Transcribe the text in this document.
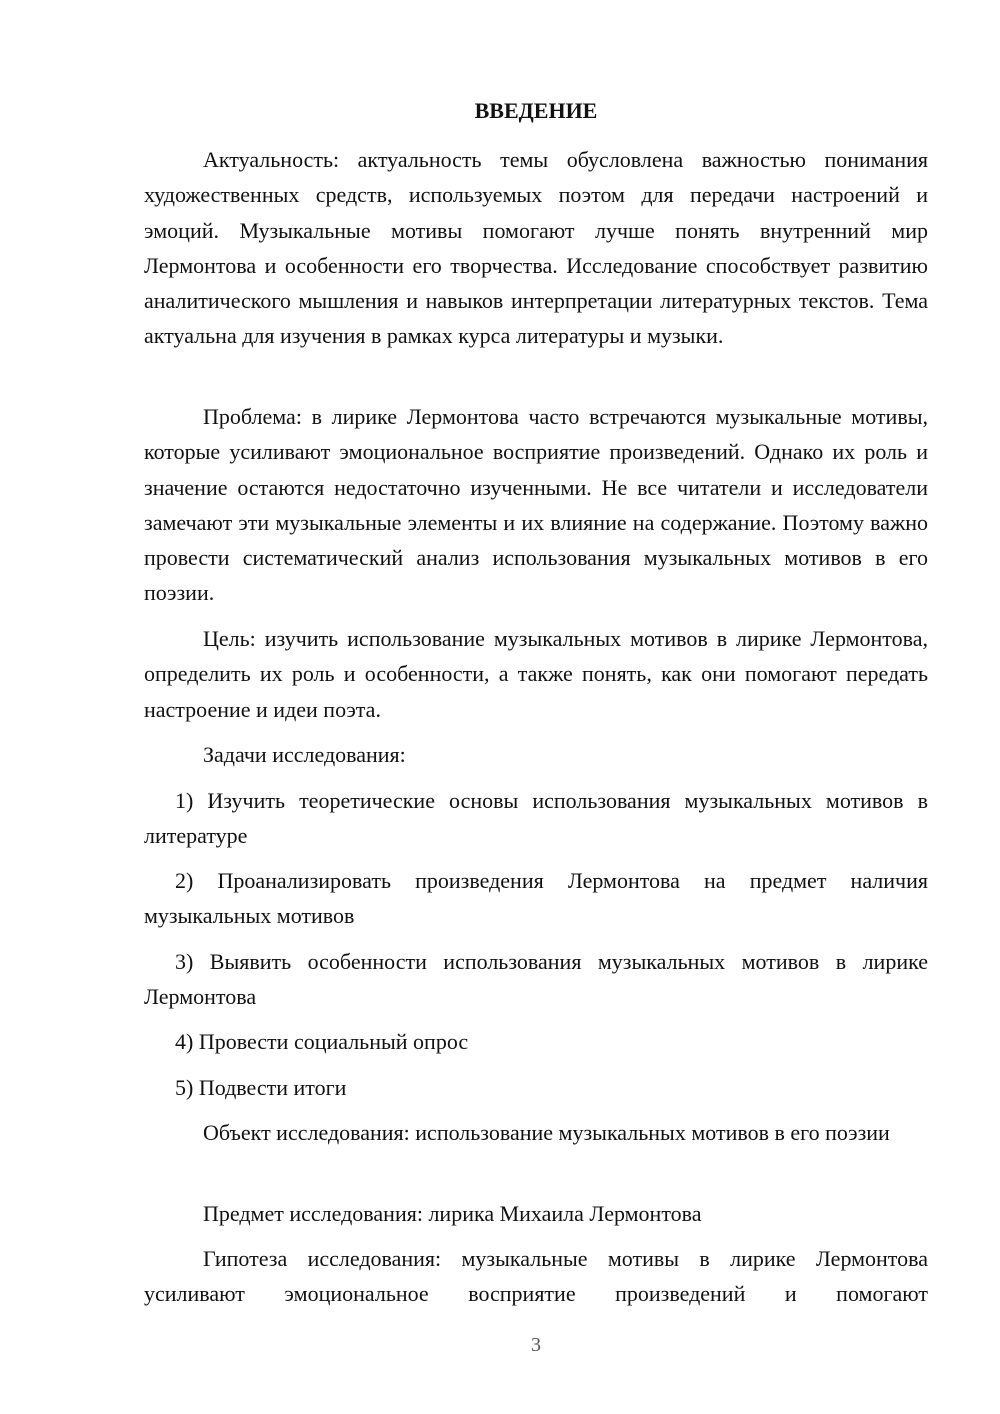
ВВЕДЕНИЕ

Актуальность: актуальность темы обусловлена важностью понимания художественных средств, используемых поэтом для передачи настроений и эмоций. Музыкальные мотивы помогают лучше понять внутренний мир Лермонтова и особенности его творчества. Исследование способствует развитию аналитического мышления и навыков интерпретации литературных текстов. Тема актуальна для изучения в рамках курса литературы и музыки.

Проблема: в лирике Лермонтова часто встречаются музыкальные мотивы, которые усиливают эмоциональное восприятие произведений. Однако их роль и значение остаются недостаточно изученными. Не все читатели и исследователи замечают эти музыкальные элементы и их влияние на содержание. Поэтому важно провести систематический анализ использования музыкальных мотивов в его поэзии.

Цель: изучить использование музыкальных мотивов в лирике Лермонтова, определить их роль и особенности, а также понять, как они помогают передать настроение и идеи поэта.

Задачи исследования:

1) Изучить теоретические основы использования музыкальных мотивов в литературе

2) Проанализировать произведения Лермонтова на предмет наличия музыкальных мотивов

3) Выявить особенности использования музыкальных мотивов в лирике Лермонтова

4) Провести социальный опрос

5) Подвести итоги

Объект исследования: использование музыкальных мотивов в его поэзии

Предмет исследования: лирика Михаила Лермонтова

Гипотеза исследования: музыкальные мотивы в лирике Лермонтова усиливают эмоциональное восприятие произведений и помогают

3
